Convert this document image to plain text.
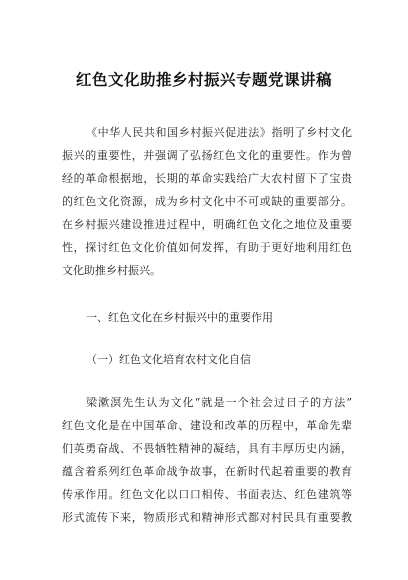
红色文化助推乡村振兴专题党课讲稿
《中华人民共和国乡村振兴促进法》指明了乡村文化
振兴的重要性，并强调了弘扬红色文化的重要性。作为曾
经的革命根据地，长期的革命实践给广大农村留下了宝贵
的红色文化资源，成为乡村文化中不可或缺的重要部分。
在乡村振兴建设推进过程中，明确红色文化之地位及重要
性，探讨红色文化价值如何发挥，有助于更好地利用红色
文化助推乡村振兴。
一、红色文化在乡村振兴中的重要作用
（一）红色文化培育农村文化自信
梁漱溟先生认为文化“就是一个社会过日子的方法”
红色文化是在中国革命、建设和改革的历程中，革命先辈
们英勇奋战、不畏牺牲精神的凝结，具有丰厚历史内涵，
蕴含着系列红色革命战争故事，在新时代起着重要的教育
传承作用。红色文化以口口相传、书面表达、红色建筑等
形式流传下来，物质形式和精神形式都对村民具有重要教
